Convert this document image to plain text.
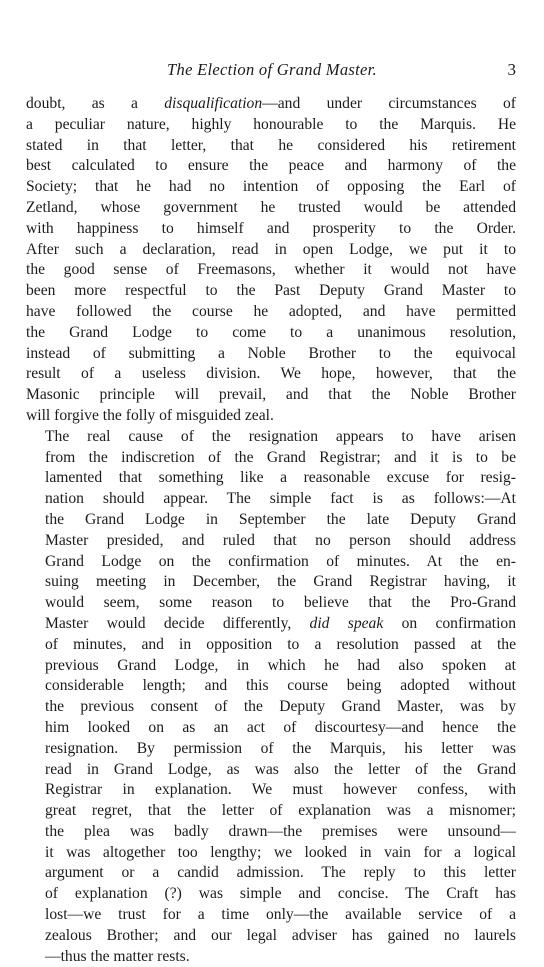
The Election of Grand Master.	3

doubt, as a disqualification—and under circumstances of
a peculiar nature, highly honourable to the Marquis. He
stated in that letter, that he considered his retirement
best calculated to ensure the peace and harmony of the
Society; that he had no intention of opposing the Earl of
Zetland, whose government he trusted would be attended
with happiness to himself and prosperity to the Order.
After such a declaration, read in open Lodge, we put it to
the good sense of Freemasons, whether it would not have
been more respectful to the Past Deputy Grand Master to
have followed the course he adopted, and have permitted
the Grand Lodge to come to a unanimous resolution,
instead of submitting a Noble Brother to the equivocal
result of a useless division. We hope, however, that the
Masonic principle will prevail, and that the Noble Brother
will forgive the folly of misguided zeal.

The real cause of the resignation appears to have arisen
from the indiscretion of the Grand Registrar; and it is to be
lamented that something like a reasonable excuse for resig-
nation should appear. The simple fact is as follows:—At
the Grand Lodge in September the late Deputy Grand
Master presided, and ruled that no person should address
Grand Lodge on the confirmation of minutes. At the en-
suing meeting in December, the Grand Registrar having, it
would seem, some reason to believe that the Pro-Grand
Master would decide differently, did speak on confirmation
of minutes, and in opposition to a resolution passed at the
previous Grand Lodge, in which he had also spoken at
considerable length; and this course being adopted without
the previous consent of the Deputy Grand Master, was by
him looked on as an act of discourtesy—and hence the
resignation. By permission of the Marquis, his letter was
read in Grand Lodge, as was also the letter of the Grand
Registrar in explanation. We must however confess, with
great regret, that the letter of explanation was a misnomer;
the plea was badly drawn—the premises were unsound—
it was altogether too lengthy; we looked in vain for a logical
argument or a candid admission. The reply to this letter
of explanation (?) was simple and concise. The Craft has
lost—we trust for a time only—the available service of a
zealous Brother; and our legal adviser has gained no laurels
—thus the matter rests.
